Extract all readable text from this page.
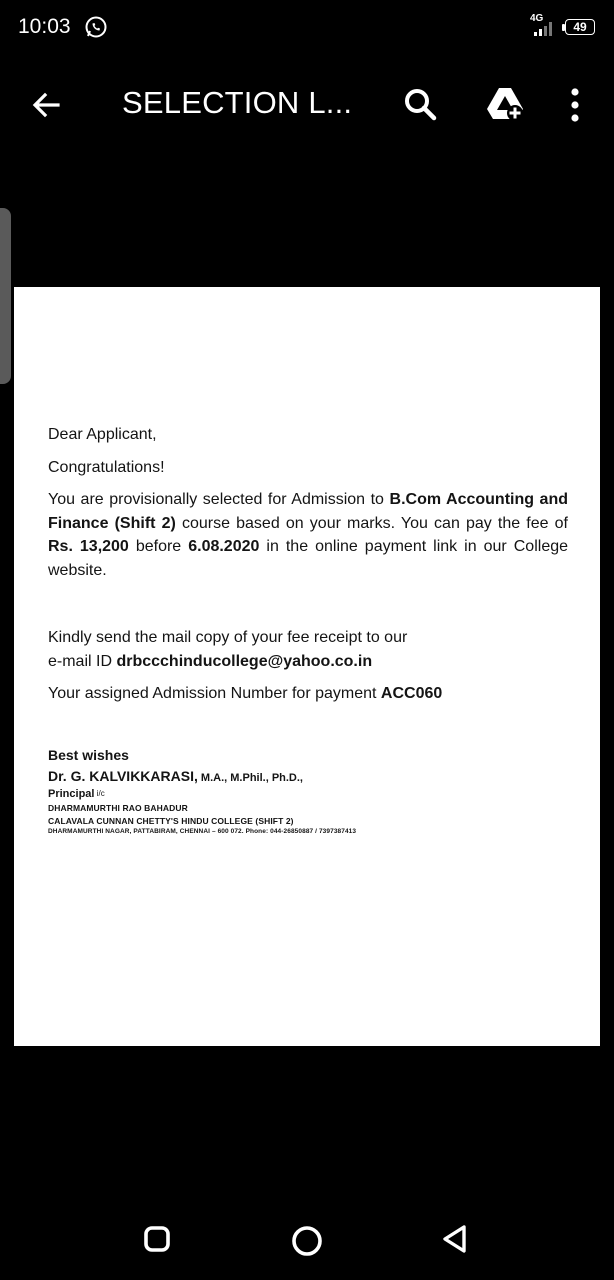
10:03	4G
49
SELECTION L...

Dear Applicant,

Congratulations!

You are provisionally selected for Admission to B.Com Accounting and Finance (Shift 2) course based on your marks. You can pay the fee of Rs. 13,200 before 6.08.2020 in the online payment link in our College website.

Kindly send the mail copy of your fee receipt to our
e-mail ID drbccchinducollege@yahoo.co.in

Your assigned Admission Number for payment ACC060

Best wishes
Dr. G. KALVIKKARASI, M.A., M.Phil., Ph.D.,
Principal i/c
DHARMAMURTHI RAO BAHADUR
CALAVALA CUNNAN CHETTY'S HINDU COLLEGE (SHIFT 2)
DHARMAMURTHI NAGAR, PATTABIRAM, CHENNAI – 600 072. Phone: 044-26850887 / 7397387413
